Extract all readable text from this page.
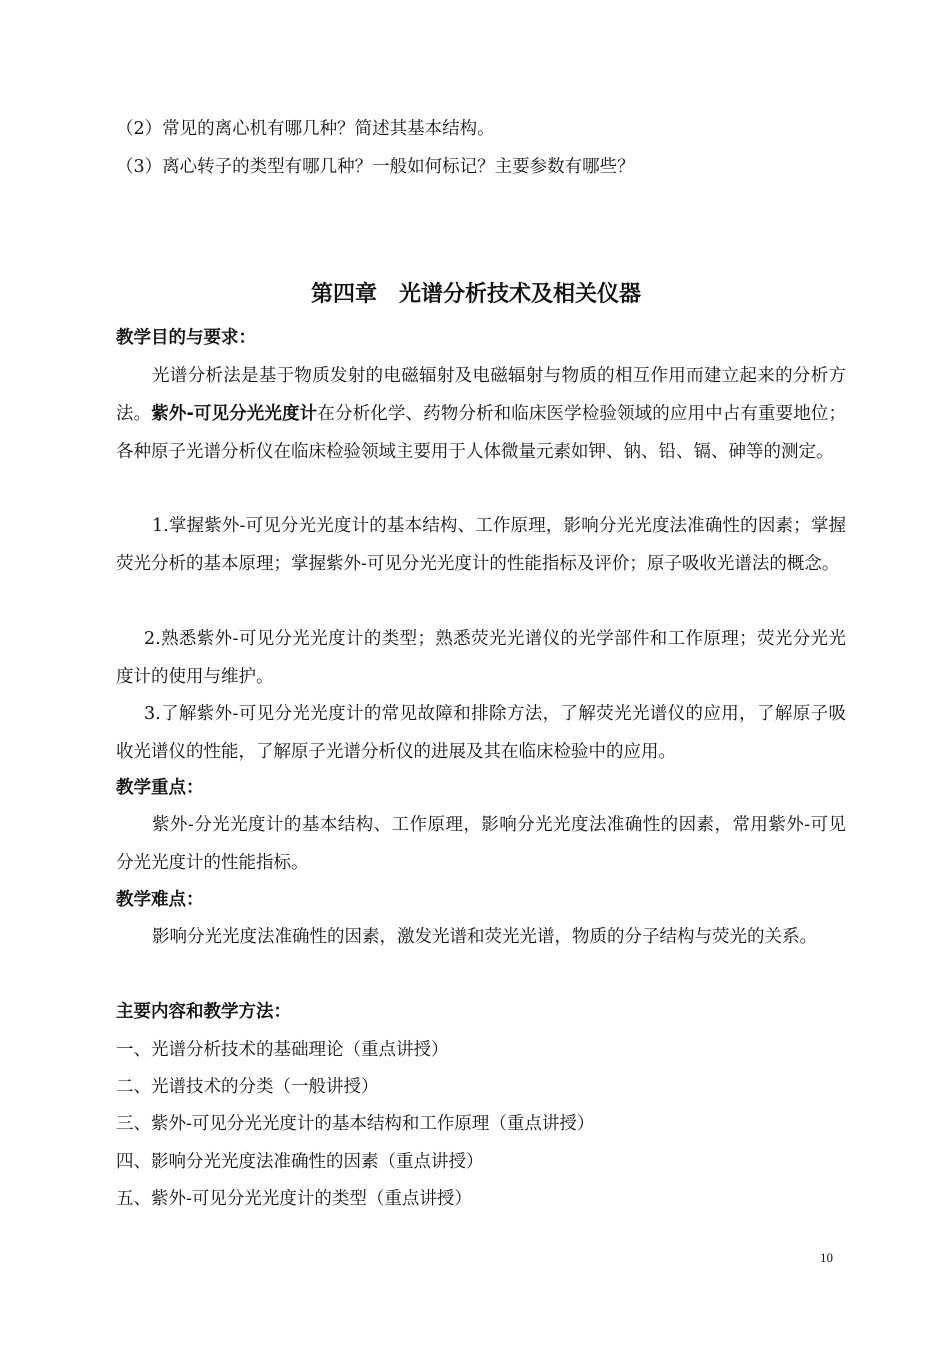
（2）常见的离心机有哪几种？简述其基本结构。
（3）离心转子的类型有哪几种？一般如何标记？主要参数有哪些？
第四章　光谱分析技术及相关仪器
教学目的与要求：

光谱分析法是基于物质发射的电磁辐射及电磁辐射与物质的相互作用而建立起来的分析方法。紫外-可见分光光度计在分析化学、药物分析和临床医学检验领域的应用中占有重要地位；各种原子光谱分析仪在临床检验领域主要用于人体微量元素如钾、钠、铅、镉、砷等的测定。

1.掌握紫外-可见分光光度计的基本结构、工作原理，影响分光光度法准确性的因素；掌握荧光分析的基本原理；掌握紫外-可见分光光度计的性能指标及评价；原子吸收光谱法的概念。

2.熟悉紫外-可见分光光度计的类型；熟悉荧光光谱仪的光学部件和工作原理；荧光分光光度计的使用与维护。

3.了解紫外-可见分光光度计的常见故障和排除方法，了解荧光光谱仪的应用，了解原子吸收光谱仪的性能，了解原子光谱分析仪的进展及其在临床检验中的应用。

教学重点：

紫外-分光光度计的基本结构、工作原理，影响分光光度法准确性的因素，常用紫外-可见分光光度计的性能指标。

教学难点：

影响分光光度法准确性的因素，激发光谱和荧光光谱，物质的分子结构与荧光的关系。

主要内容和教学方法：
一、光谱分析技术的基础理论（重点讲授）
二、光谱技术的分类（一般讲授）
三、紫外-可见分光光度计的基本结构和工作原理（重点讲授）
四、影响分光光度法准确性的因素（重点讲授）
五、紫外-可见分光光度计的类型（重点讲授）
10
